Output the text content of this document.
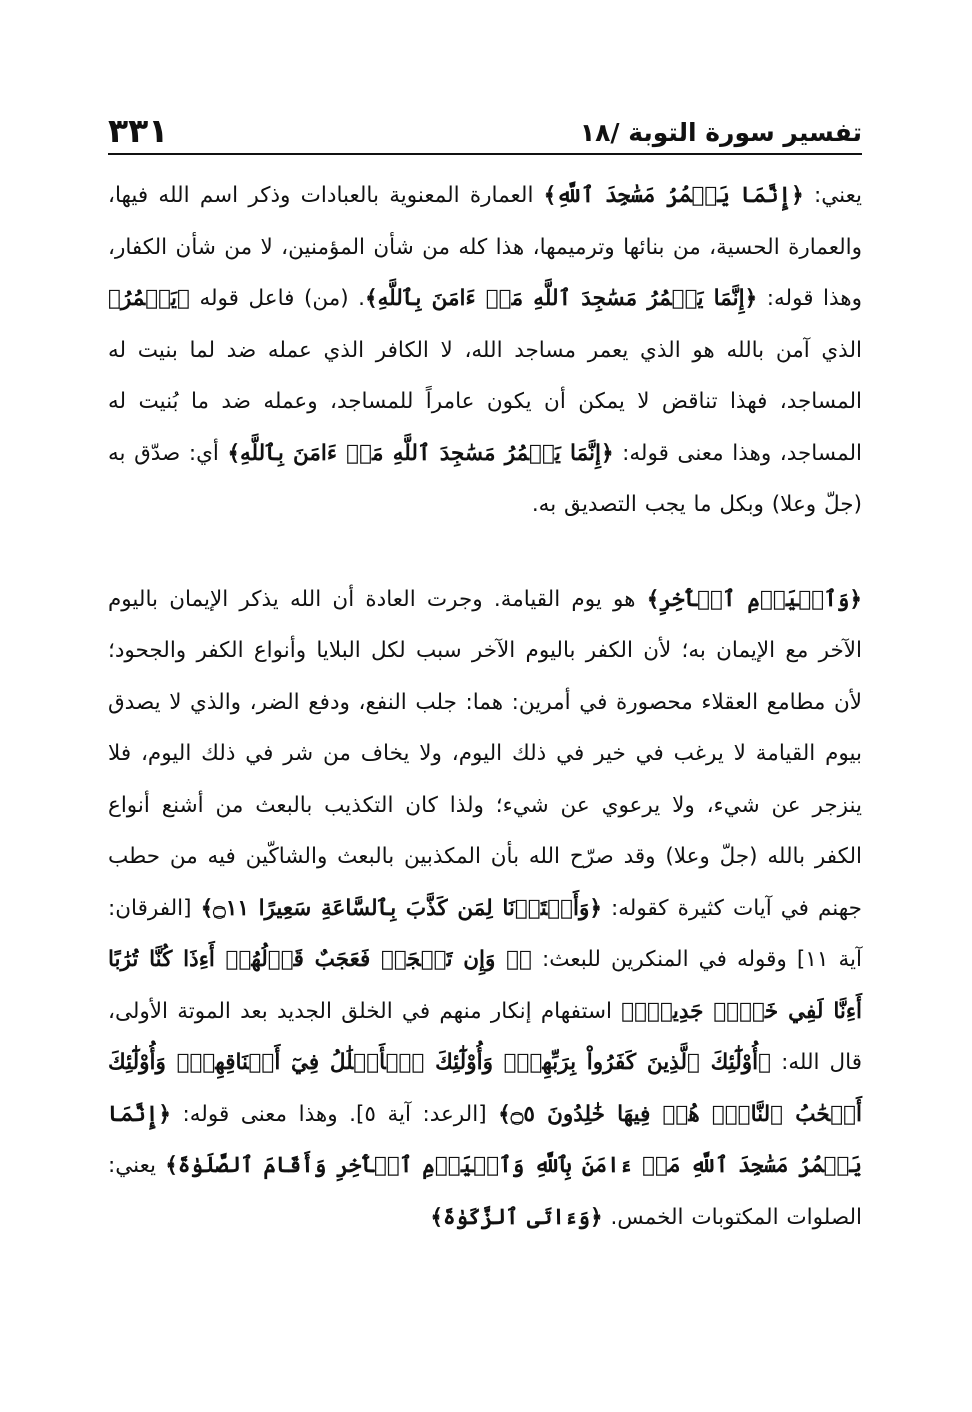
تفسير سورة التوبة /١٨
٣٣١

يعني: ﴿إِنَّمَا يَعۡمُرُ مَسَٰجِدَ ٱللَّهِ﴾ العمارة المعنوية بالعبادات وذكر اسم الله فيها، والعمارة الحسية، من بنائها وترميمها، هذا كله من شأن المؤمنين، لا من شأن الكفار، وهذا قوله: ﴿إِنَّمَا يَعۡمُرُ مَسَٰجِدَ ٱللَّهِ مَنۡ ءَامَنَ بِٱللَّهِ﴾. (من) فاعل قوله ﴿يَعۡمُرُ﴾ الذي آمن بالله هو الذي يعمر مساجد الله، لا الكافر الذي عمله ضد لما بنيت له المساجد، فهذا تناقض لا يمكن أن يكون عامراً للمساجد، وعمله ضد ما بُنيت له المساجد، وهذا معنى قوله: ﴿إِنَّمَا يَعۡمُرُ مَسَٰجِدَ ٱللَّهِ مَنۡ ءَامَنَ بِٱللَّهِ﴾ أي: صدّق به (جلّ وعلا) وبكل ما يجب التصديق به.

﴿وَٱلۡيَوۡمِ ٱلۡأٓخِرِ﴾ هو يوم القيامة. وجرت العادة أن الله يذكر الإيمان باليوم الآخر مع الإيمان به؛ لأن الكفر باليوم الآخر سبب لكل البلايا وأنواع الكفر والجحود؛ لأن مطامع العقلاء محصورة في أمرين: هما: جلب النفع، ودفع الضر، والذي لا يصدق بيوم القيامة لا يرغب في خير في ذلك اليوم، ولا يخاف من شر في ذلك اليوم، فلا ينزجر عن شيء، ولا يرعوي عن شيء؛ ولذا كان التكذيب بالبعث من أشنع أنواع الكفر بالله (جلّ وعلا) وقد صرّح الله بأن المكذبين بالبعث والشاكّين فيه من حطب جهنم في آيات كثيرة كقوله: ﴿وَأَعۡتَدۡنَا لِمَن كَذَّبَ بِٱلسَّاعَةِ سَعِيرًا ۝١١﴾ [الفرقان: آية ١١] وقوله في المنكرين للبعث: ﴿۞ وَإِن تَعۡجَبۡ فَعَجَبٌ قَوۡلُهُمۡ أَءِذَا كُنَّا تُرَٰبًا أَءِنَّا لَفِي خَلۡقٖ جَدِيدٍۗ﴾ استفهام إنكار منهم في الخلق الجديد بعد الموتة الأولى، قال الله: ﴿أُوْلَٰٓئِكَ ٱلَّذِينَ كَفَرُواْ بِرَبِّهِمۡۖ وَأُوْلَٰٓئِكَ ٱلۡأَغۡلَٰلُ فِيٓ أَعۡنَاقِهِمۡۖ وَأُوْلَٰٓئِكَ أَصۡحَٰبُ ٱلنَّارِۖ هُمۡ فِيهَا خَٰلِدُونَ ۝٥﴾ [الرعد: آية ٥]. وهذا معنى قوله: ﴿إِنَّمَا يَعۡمُرُ مَسَٰجِدَ ٱللَّهِ مَنۡ ءَامَنَ بِٱللَّهِ وَٱلۡيَوۡمِ ٱلۡأٓخِرِ وَأَقَامَ ٱلصَّلَوٰةَ﴾ يعني: الصلوات المكتوبات الخمس. ﴿وَءَاتَى ٱلزَّكَوٰةَ﴾
